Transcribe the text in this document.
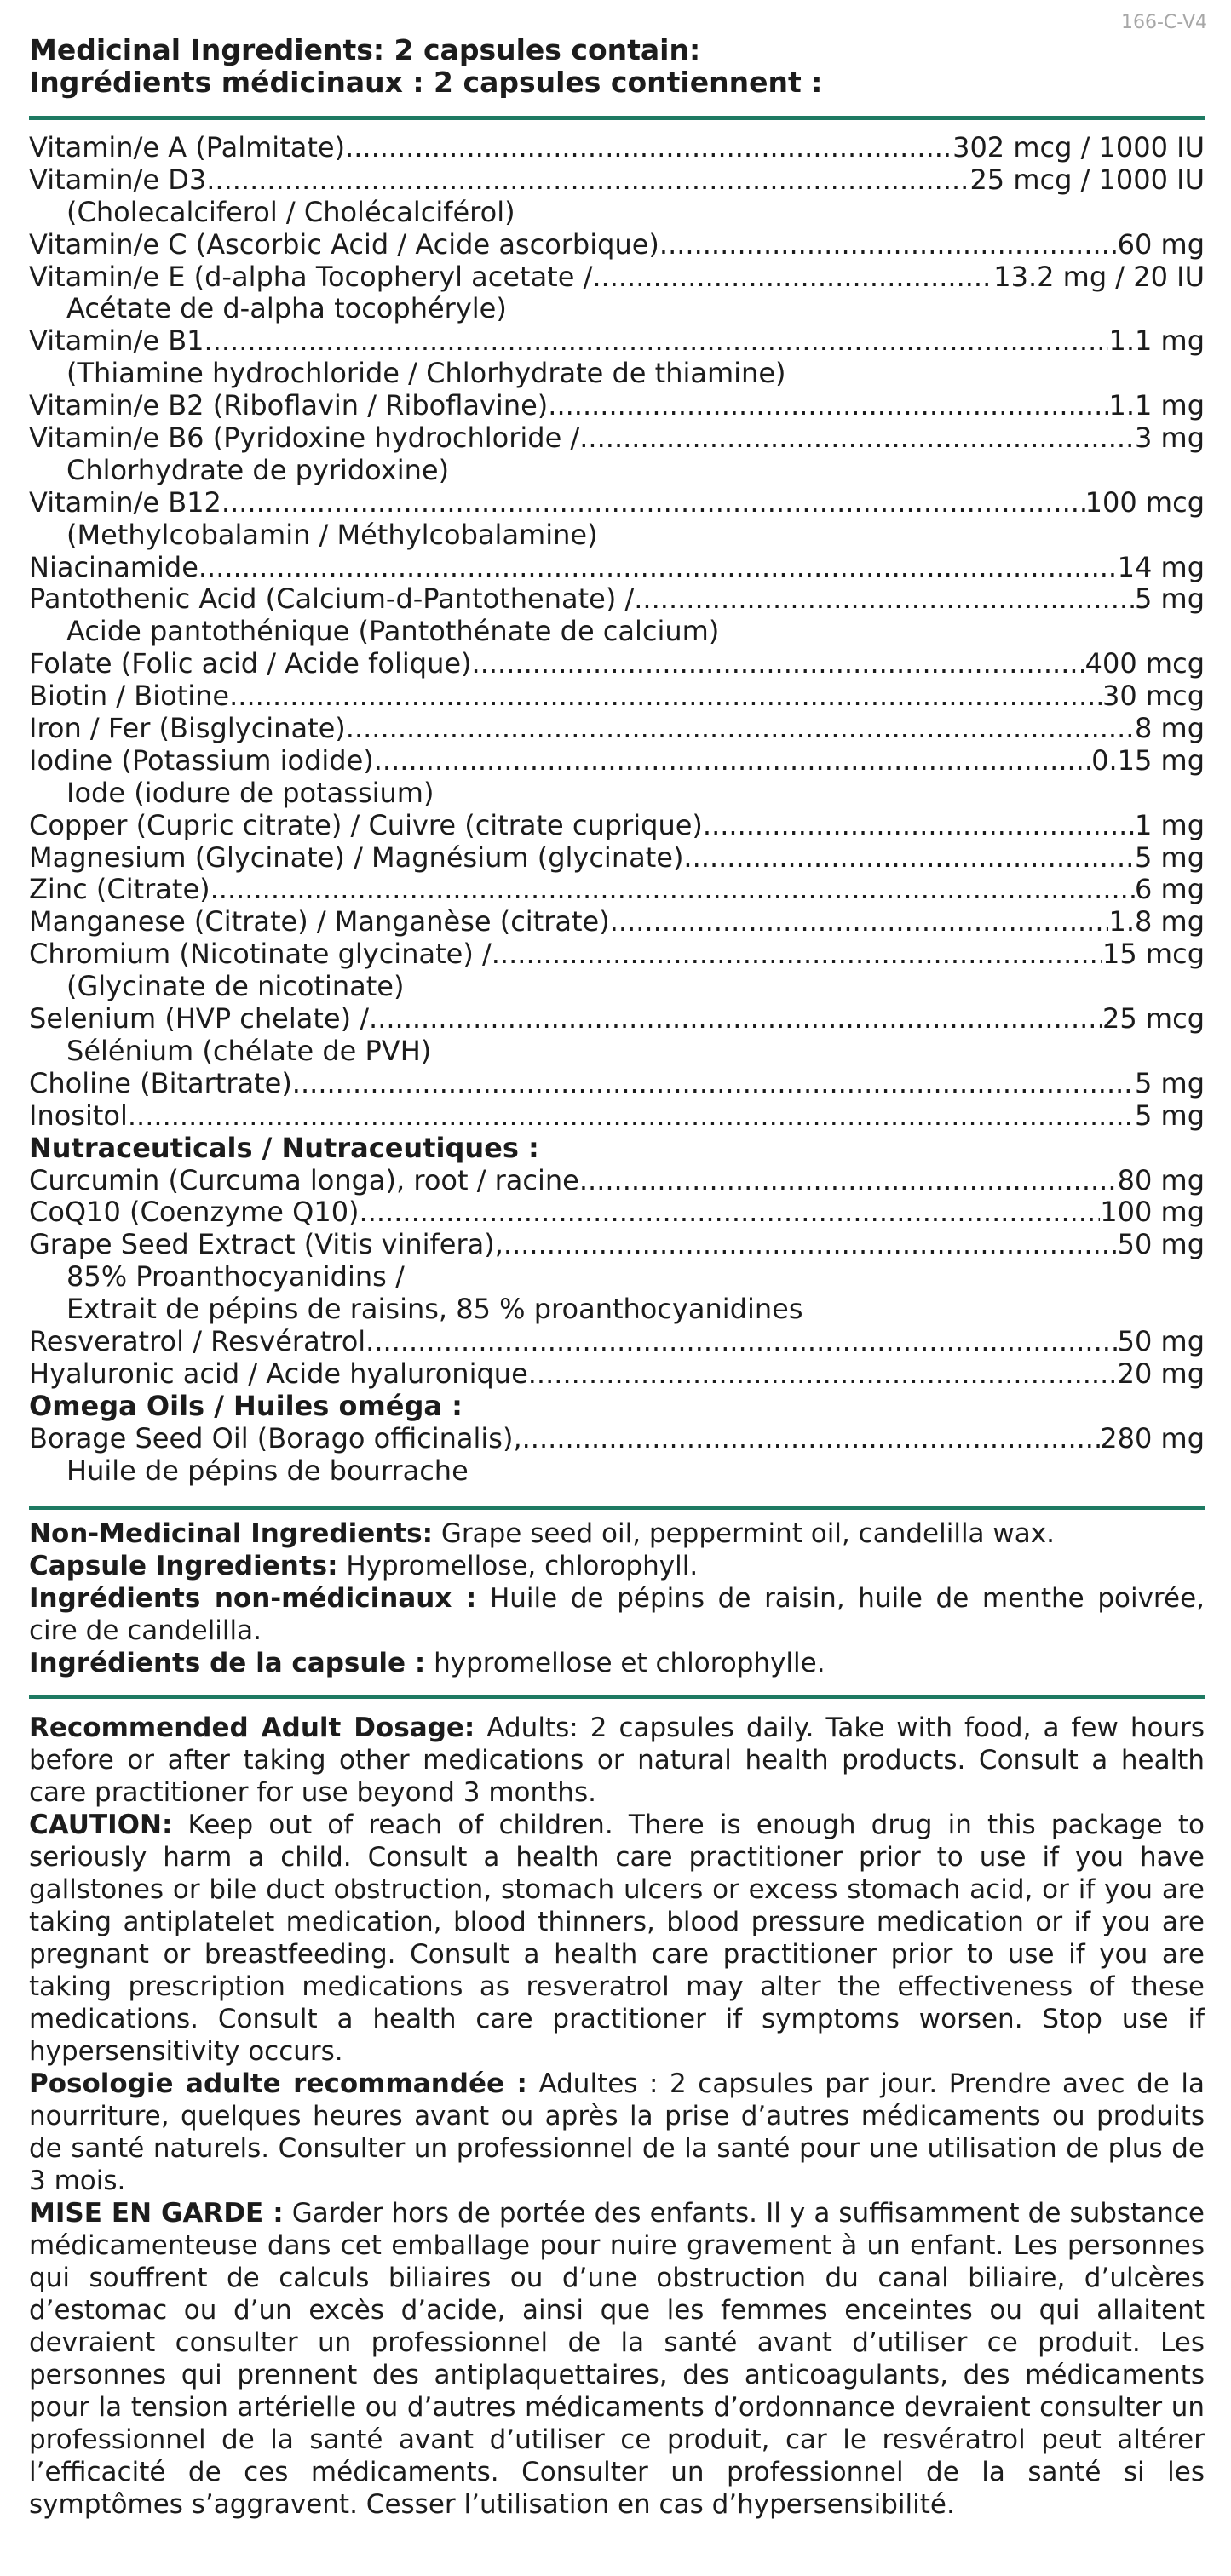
166-C-V4
Medicinal Ingredients: 2 capsules contain:
Ingrédients médicinaux : 2 capsules contiennent :
Vitamin/e A (Palmitate) .....	302 mcg / 1000 IU
Vitamin/e D3 .....	25 mcg / 1000 IU
(Cholecalciferol / Cholécalciférol)
Vitamin/e C (Ascorbic Acid / Acide ascorbique) .....	60 mg
Vitamin/e E (d-alpha Tocopheryl acetate / .....	13.2 mg / 20 IU
Acétate de d-alpha tocophéryle)
Vitamin/e B1 .....	1.1 mg
(Thiamine hydrochloride / Chlorhydrate de thiamine)
Vitamin/e B2 (Riboflavin / Riboflavine) .....	1.1 mg
Vitamin/e B6 (Pyridoxine hydrochloride / .....	3 mg
Chlorhydrate de pyridoxine)
Vitamin/e B12 .....	100 mcg
(Methylcobalamin / Méthylcobalamine)
Niacinamide .....	14 mg
Pantothenic Acid (Calcium-d-Pantothenate) / .....	5 mg
Acide pantothénique (Pantothénate de calcium)
Folate (Folic acid / Acide folique) .....	400 mcg
Biotin / Biotine .....	30 mcg
Iron / Fer (Bisglycinate) .....	8 mg
Iodine (Potassium iodide) .....	0.15 mg
Iode (iodure de potassium)
Copper (Cupric citrate) / Cuivre (citrate cuprique) .....	1 mg
Magnesium (Glycinate) / Magnésium (glycinate) .....	5 mg
Zinc (Citrate) .....	6 mg
Manganese (Citrate) / Manganèse (citrate) .....	1.8 mg
Chromium (Nicotinate glycinate) / .....	15 mcg
(Glycinate de nicotinate)
Selenium (HVP chelate) / .....	25 mcg
Sélénium (chélate de PVH)
Choline (Bitartrate) .....	5 mg
Inositol .....	5 mg
Nutraceuticals / Nutraceutiques :
Curcumin (Curcuma longa), root / racine .....	80 mg
CoQ10 (Coenzyme Q10) .....	100 mg
Grape Seed Extract (Vitis vinifera), .....	50 mg
85% Proanthocyanidins /
Extrait de pépins de raisins, 85 % proanthocyanidines
Resveratrol / Resvératrol .....	50 mg
Hyaluronic acid / Acide hyaluronique .....	20 mg
Omega Oils / Huiles oméga :
Borage Seed Oil (Borago officinalis), .....	280 mg
Huile de pépins de bourrache

Non-Medicinal Ingredients: Grape seed oil, peppermint oil, candelilla wax.

Capsule Ingredients: Hypromellose, chlorophyll.

Ingrédients non-médicinaux : Huile de pépins de raisin, huile de menthe poivrée, cire de candelilla.

Ingrédients de la capsule : hypromellose et chlorophylle.

Recommended Adult Dosage: Adults: 2 capsules daily. Take with food, a few hours before or after taking other medications or natural health products. Consult a health care practitioner for use beyond 3 months.

CAUTION: Keep out of reach of children. There is enough drug in this package to seriously harm a child. Consult a health care practitioner prior to use if you have gallstones or bile duct obstruction, stomach ulcers or excess stomach acid, or if you are taking antiplatelet medication, blood thinners, blood pressure medication or if you are pregnant or breastfeeding. Consult a health care practitioner prior to use if you are taking prescription medications as resveratrol may alter the effectiveness of these medications. Consult a health care practitioner if symptoms worsen. Stop use if hypersensitivity occurs.

Posologie adulte recommandée : Adultes : 2 capsules par jour. Prendre avec de la nourriture, quelques heures avant ou après la prise d’autres médicaments ou produits de santé naturels. Consulter un professionnel de la santé pour une utilisation de plus de 3 mois.

MISE EN GARDE : Garder hors de portée des enfants. Il y a suffisamment de substance médicamenteuse dans cet emballage pour nuire gravement à un enfant. Les personnes qui souffrent de calculs biliaires ou d’une obstruction du canal biliaire, d’ulcères d’estomac ou d’un excès d’acide, ainsi que les femmes enceintes ou qui allaitent devraient consulter un professionnel de la santé avant d’utiliser ce produit. Les personnes qui prennent des antiplaquettaires, des anticoagulants, des médicaments pour la tension artérielle ou d’autres médicaments d’ordonnance devraient consulter un professionnel de la santé avant d’utiliser ce produit, car le resvératrol peut altérer l’efficacité de ces médicaments. Consulter un professionnel de la santé si les symptômes s’aggravent. Cesser l’utilisation en cas d’hypersensibilité.
